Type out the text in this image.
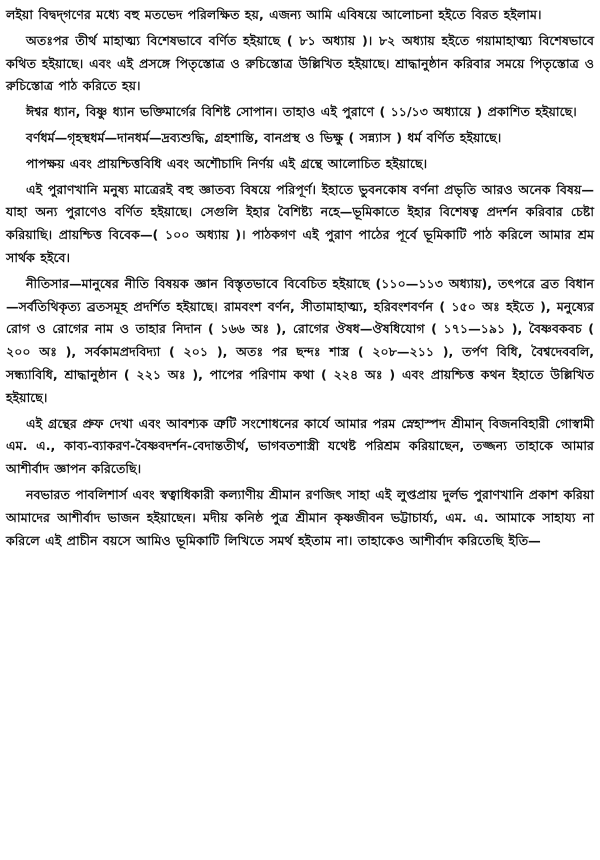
লইয়া বিদ্বদ্‌গণের মধ্যে বহু মতভেদ পরিলক্ষিত হয়, এজন্য আমি এবিষয়ে আলোচনা হইতে বিরত হইলাম।

অতঃপর তীর্থ মাহাত্ম্য বিশেষভাবে বর্ণিত হইয়াছে ( ৮১ অধ্যায় )। ৮২ অধ্যায় হইতে গয়ামাহাত্ম্য বিশেষভাবে কথিত হইয়াছে। এবং এই প্রসঙ্গে পিতৃস্তোত্র ও রুচিস্তোত্র উল্লিখিত হইয়াছে। শ্রাদ্ধানুষ্ঠান করিবার সময়ে পিতৃস্তোত্র ও রুচিস্তোত্র পাঠ করিতে হয়।

ঈশ্বর ধ্যান, বিষ্ণু ধ্যান ভক্তিমার্গের বিশিষ্ট সোপান। তাহাও এই পুরাণে ( ১১/১৩ অধ্যায়ে ) প্রকাশিত হইয়াছে।

বর্ণধর্ম—গৃহস্থধর্ম—দানধর্ম—দ্রব্যশুদ্ধি, গ্রহশান্তি, বানপ্রস্থ ও ভিক্ষু ( সন্ন্যাস ) ধর্ম বর্ণিত হইয়াছে।

পাপক্ষয় এবং প্রায়শ্চিত্তবিধি এবং অশৌচাদি নির্ণয় এই গ্রন্থে আলোচিত হইয়াছে।

এই পুরাণখানি মনুষ্য মাত্রেরই বহু জ্ঞাতব্য বিষয়ে পরিপূর্ণ। ইহাতে ভুবনকোষ বর্ণনা প্রভৃতি আরও অনেক বিষয়—যাহা অন্য পুরাণেও বর্ণিত হইয়াছে। সেগুলি ইহার বৈশিষ্ট্য নহে—ভূমিকাতে ইহার বিশেষত্ব প্রদর্শন করিবার চেষ্টা করিয়াছি। প্রায়শ্চিত্ত বিবেক—( ১০০ অধ্যায় )। পাঠকগণ এই পুরাণ পাঠের পূর্বে ভূমিকাটি পাঠ করিলে আমার শ্রম সার্থক হইবে।

নীতিসার—মানুষের নীতি বিষয়ক জ্ঞান বিস্তৃতভাবে বিবেচিত হইয়াছে (১১০—১১৩ অধ্যায়), তৎপরে ব্রত বিধান—সর্বতিথিকৃত্য ব্রতসমূহ প্রদর্শিত হইয়াছে। রামবংশ বর্ণন, সীতামাহাত্ম্য, হরিবংশবর্ণন ( ১৫০ অঃ হইতে ), মনুষ্যের রোগ ও রোগের নাম ও তাহার নিদান ( ১৬৬ অঃ ), রোগের ঔষধ—ঔষধিযোগ ( ১৭১—১৯১ ), বৈষ্ণবকবচ ( ২০০ অঃ ), সর্বকামপ্রদবিদ্যা ( ২০১ ), অতঃ পর ছন্দঃ শাস্ত্র ( ২০৮—২১১ ), তর্পণ বিধি, বৈশ্বদেববলি, সন্ধ্যাবিধি, শ্রাদ্ধানুষ্ঠান ( ২২১ অঃ ), পাপের পরিণাম কথা ( ২২৪ অঃ ) এবং প্রায়শ্চিত্ত কথন ইহাতে উল্লিখিত হইয়াছে।

এই গ্রন্থের প্রুফ দেখা এবং আবশ্যক ত্রুটি সংশোধনের কার্যে আমার পরম স্নেহাস্পদ শ্রীমান্‌ বিজনবিহারী গোস্বামী এম. এ., কাব্য-ব্যাকরণ-বৈষ্ণবদর্শন-বেদান্ততীর্থ, ভাগবতশাস্ত্রী যথেষ্ট পরিশ্রম করিয়াছেন, তজ্জন্য তাহাকে আমার আশীর্বাদ জ্ঞাপন করিতেছি।

নবভারত পাবলিশার্স এবং স্বত্বাধিকারী কল্যাণীয় শ্রীমান রণজিৎ সাহা এই লুপ্তপ্রায় দুর্লভ পুরাণখানি প্রকাশ করিয়া আমাদের আশীর্বাদ ভাজন হইয়াছেন। মদীয় কনিষ্ঠ পুত্র শ্রীমান কৃষ্ণজীবন ভট্টাচার্য্য, এম. এ. আমাকে সাহায্য না করিলে এই প্রাচীন বয়সে আমিও ভূমিকাটি লিখিতে সমর্থ হইতাম না। তাহাকেও আশীর্বাদ করিতেছি ইতি—
